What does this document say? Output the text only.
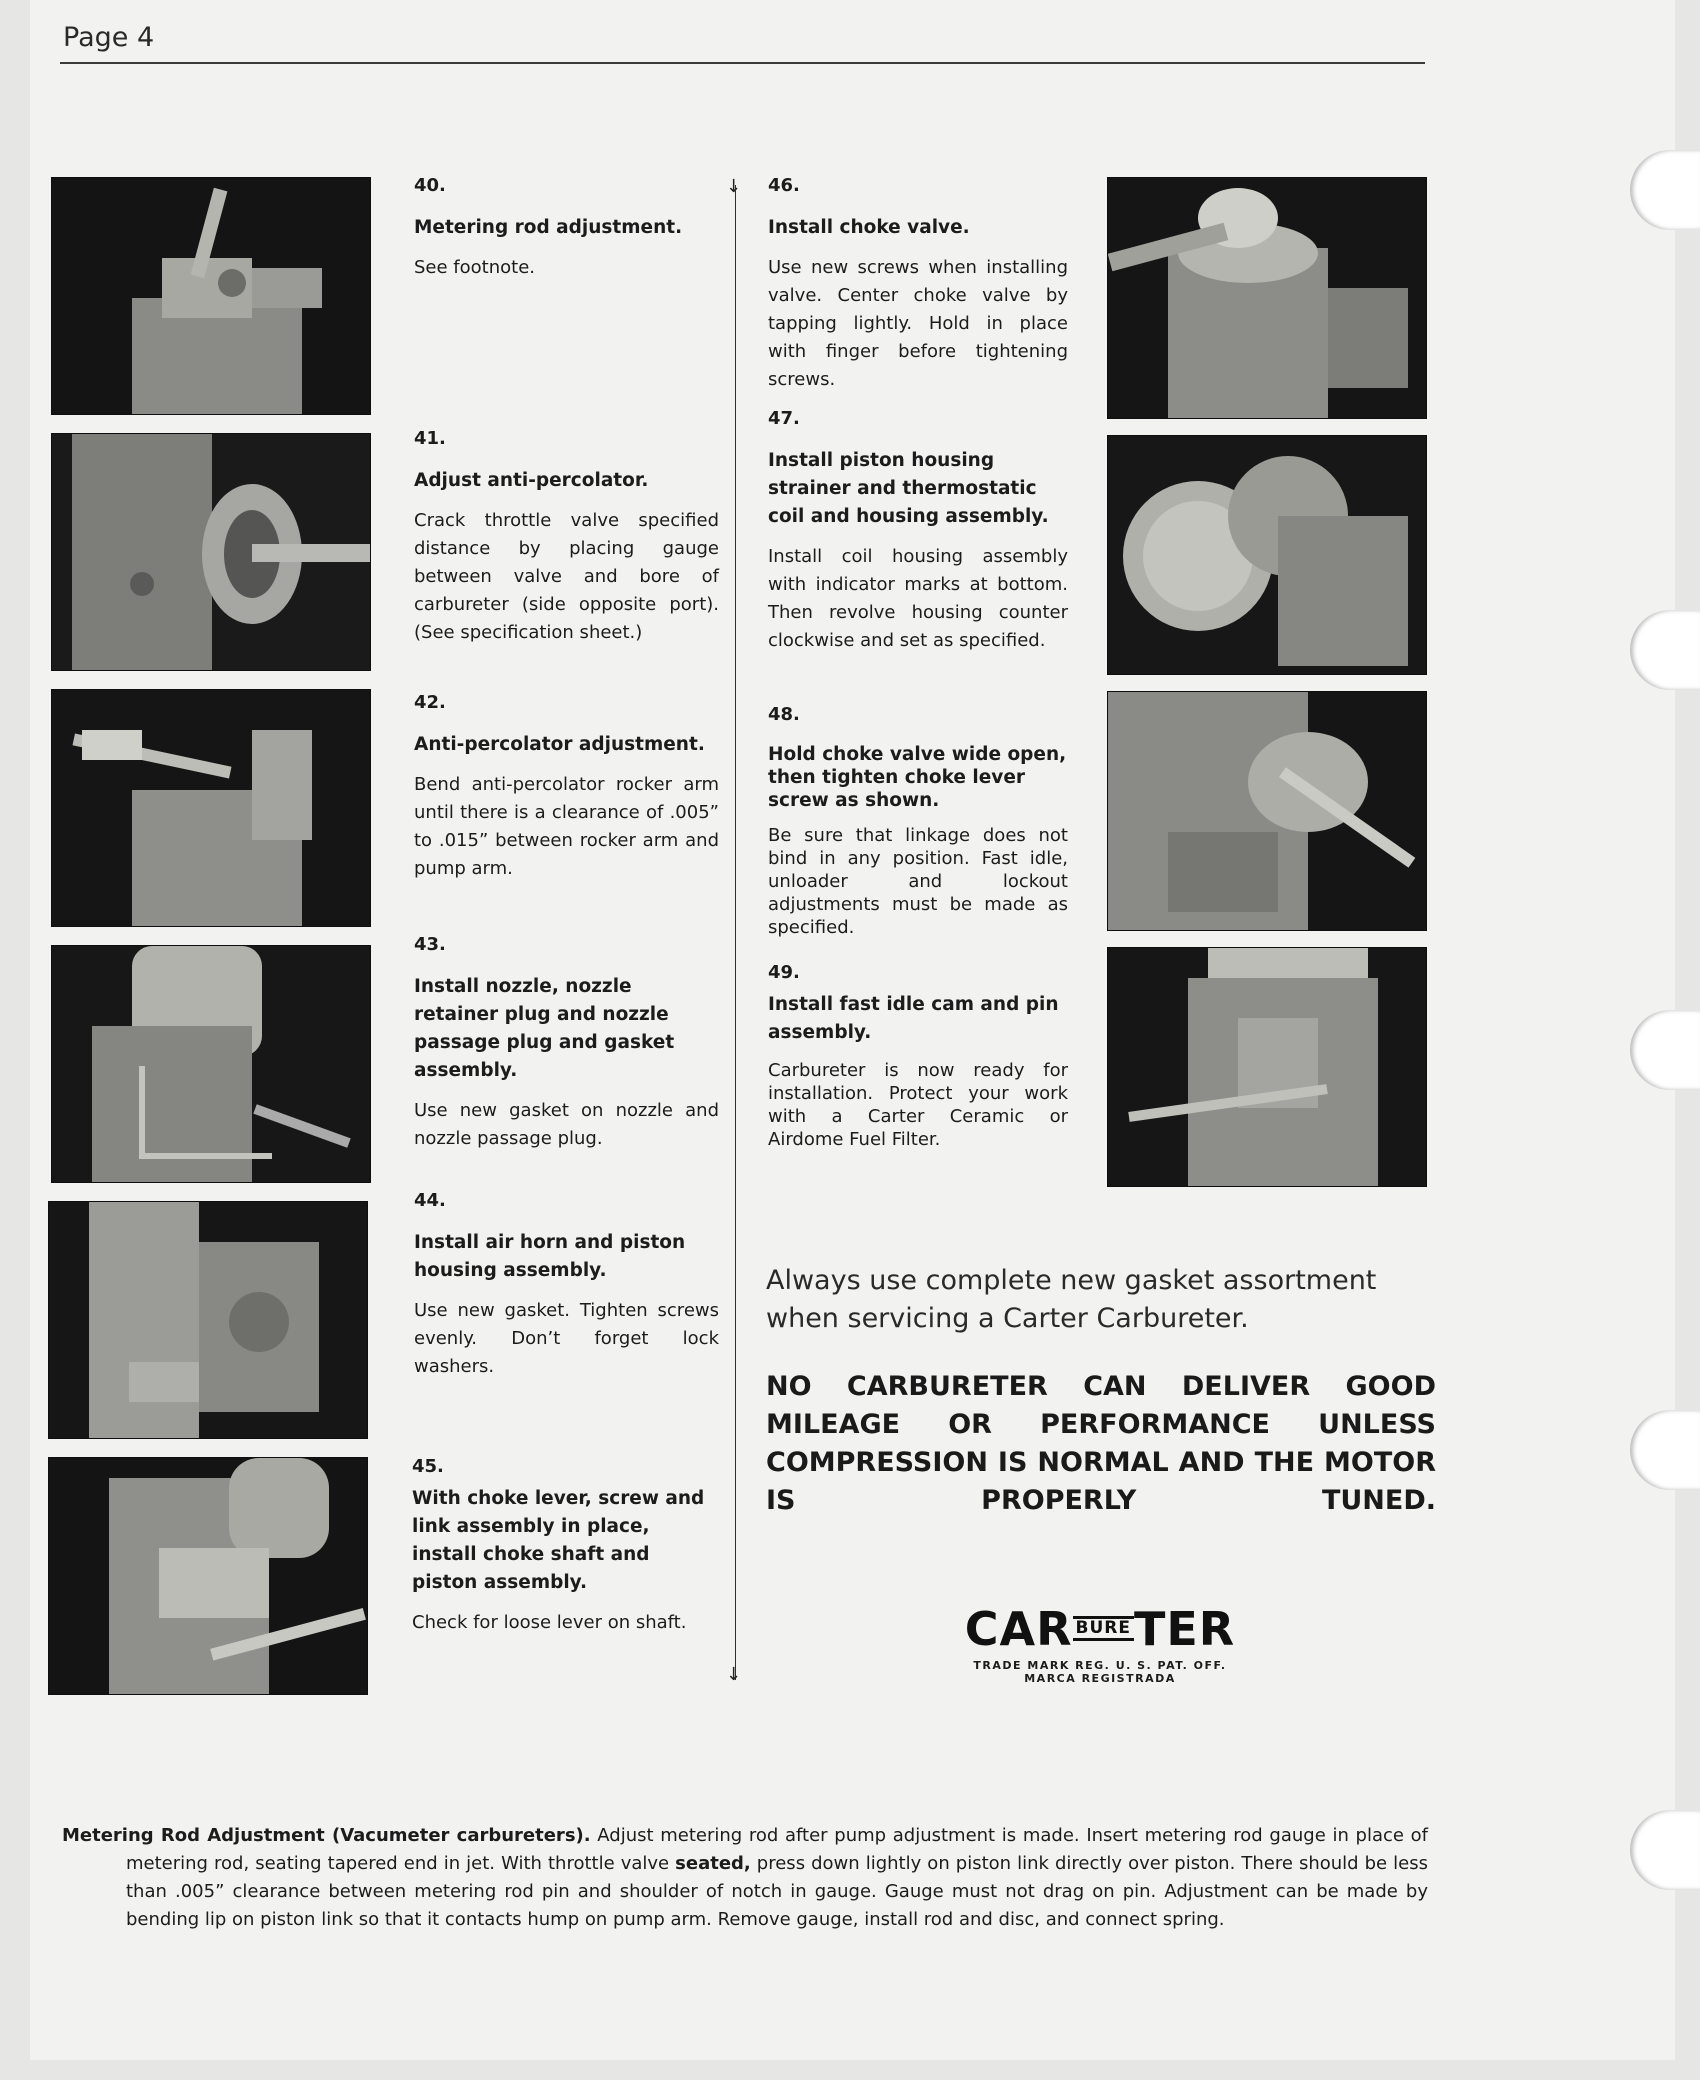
Page 4
40.
Metering rod adjustment.
See footnote.
41.
Adjust anti-percolator.
Crack throttle valve specified distance by placing gauge between valve and bore of carbureter (side opposite port). (See specification sheet.)
42.
Anti-percolator adjustment.
Bend anti-percolator rocker arm until there is a clearance of .005” to .015” between rocker arm and pump arm.
43.
Install nozzle, nozzle retainer plug and nozzle passage plug and gasket assembly.
Use new gasket on nozzle and nozzle passage plug.
44.
Install air horn and piston housing assembly.
Use new gasket. Tighten screws evenly. Don’t forget lock washers.
45.
With choke lever, screw and link assembly in place, install choke shaft and piston assembly.
Check for loose lever on shaft.
↓
↓
46.
Install choke valve.
Use new screws when installing valve. Center choke valve by tapping lightly. Hold in place with finger before tightening screws.
47.
Install piston housing strainer and thermostatic coil and housing assembly.
Install coil housing assembly with indicator marks at bottom. Then revolve housing counter clockwise and set as specified.
48.
Hold choke valve wide open, then tighten choke lever screw as shown.
Be sure that linkage does not bind in any position. Fast idle, unloader and lockout adjustments must be made as specified.
49.
Install fast idle cam and pin assembly.
Carbureter is now ready for installation. Protect your work with a Carter Ceramic or Airdome Fuel Filter.
Always use complete new gasket assortment when servicing a Carter Carbureter.
NO CARBURETER CAN DELIVER GOOD MILEAGE OR PERFORMANCE UNLESS COMPRESSION IS NORMAL AND THE MOTOR IS PROPERLY TUNED.
CAR BURETER
TRADE MARK REG. U. S. PAT. OFF.
MARCA REGISTRADA
Metering Rod Adjustment (Vacumeter carbureters). Adjust metering rod after pump adjustment is made. Insert metering rod gauge in place of metering rod, seating tapered end in jet. With throttle valve seated, press down lightly on piston link directly over piston. There should be less than .005” clearance between metering rod pin and shoulder of notch in gauge. Gauge must not drag on pin. Adjustment can be made by bending lip on piston link so that it contacts hump on pump arm. Remove gauge, install rod and disc, and connect spring.
